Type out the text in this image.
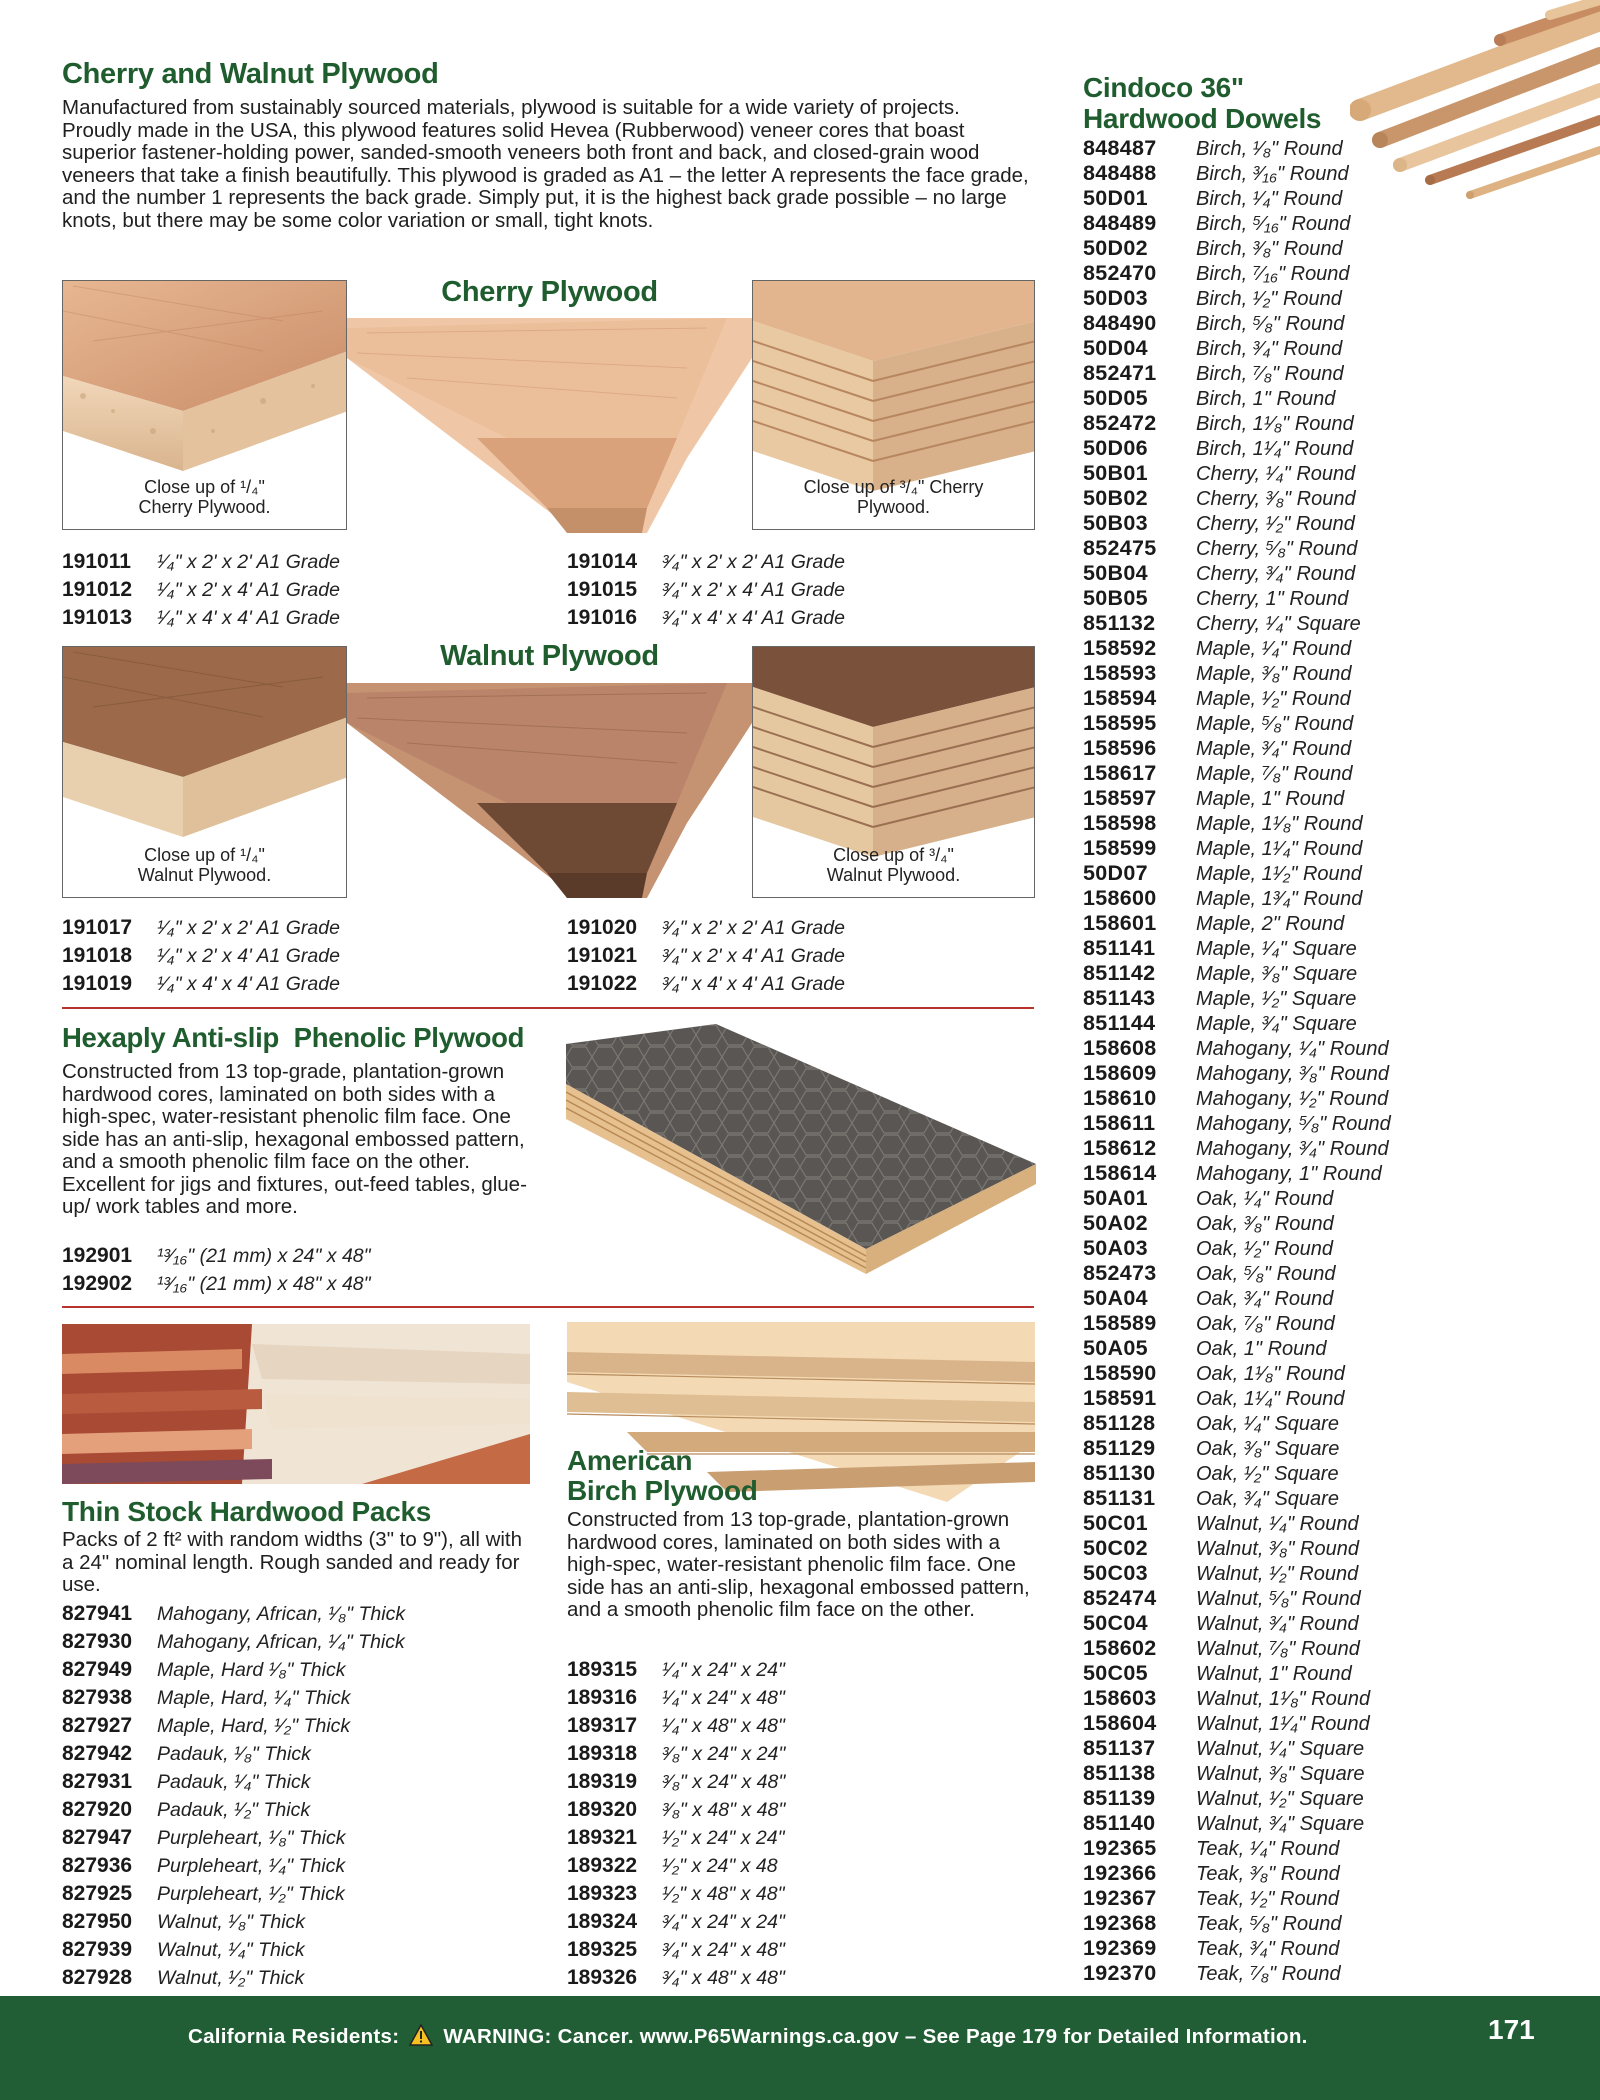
Cherry and Walnut Plywood
Manufactured from sustainably sourced materials, plywood is suitable for a wide variety of projects. Proudly made in the USA, this plywood features solid Hevea (Rubberwood) veneer cores that boast superior fastener-holding power, sanded-smooth veneers both front and back, and closed-grain wood veneers that take a finish beautifully. This plywood is graded as A1 – the letter A represents the face grade, and the number 1 represents the back grade. Simply put, it is the highest back grade possible – no large knots, but there may be some color variation or small, tight knots.
Close up of ¹/₄" Cherry Plywood.
Close up of ³/₄" Cherry Plywood.
Cherry Plywood
191011 ¹⁄₄" x 2' x 2' A1 Grade
191012 ¹⁄₄" x 2' x 4' A1 Grade
191013 ¹⁄₄" x 4' x 4' A1 Grade
191014 ³⁄₄" x 2' x 2' A1 Grade
191015 ³⁄₄" x 2' x 4' A1 Grade
191016 ³⁄₄" x 4' x 4' A1 Grade
Close up of ¹/₄" Walnut Plywood.
Close up of ³/₄" Walnut Plywood.
Walnut Plywood
191017 ¹⁄₄" x 2' x 2' A1 Grade
191018 ¹⁄₄" x 2' x 4' A1 Grade
191019 ¹⁄₄" x 4' x 4' A1 Grade
191020 ³⁄₄" x 2' x 2' A1 Grade
191021 ³⁄₄" x 2' x 4' A1 Grade
191022 ³⁄₄" x 4' x 4' A1 Grade
Hexaply Anti-slip  Phenolic Plywood
Constructed from 13 top-grade, plantation-grown hardwood cores, laminated on both sides with a high-spec, water-resistant phenolic film face. One side has an anti-slip, hexagonal embossed pattern, and a smooth phenolic film face on the other. Excellent for jigs and fixtures, out-feed tables, glue-up/ work tables and more.
192901 ¹³⁄₁₆" (21 mm) x 24" x 48"
192902 ¹³⁄₁₆" (21 mm) x 48" x 48"
Thin Stock Hardwood Packs
Packs of 2 ft² with random widths (3" to 9"), all with a 24" nominal length. Rough sanded and ready for use.
827941 Mahogany, African, ¹⁄₈" Thick
827930 Mahogany, African, ¹⁄₄" Thick
827949 Maple, Hard ¹⁄₈" Thick
827938 Maple, Hard, ¹⁄₄" Thick
827927 Maple, Hard, ¹⁄₂" Thick
827942 Padauk, ¹⁄₈" Thick
827931 Padauk, ¹⁄₄" Thick
827920 Padauk, ¹⁄₂" Thick
827947 Purpleheart, ¹⁄₈" Thick
827936 Purpleheart, ¹⁄₄" Thick
827925 Purpleheart, ¹⁄₂" Thick
827950 Walnut, ¹⁄₈" Thick
827939 Walnut, ¹⁄₄" Thick
827928 Walnut, ¹⁄₂" Thick
American
Birch Plywood
Constructed from 13 top-grade, plantation-grown hardwood cores, laminated on both sides with a high-spec, water-resistant phenolic film face. One side has an anti-slip, hexagonal embossed pattern, and a smooth phenolic film face on the other.
189315 ¹⁄₄" x 24" x 24"
189316 ¹⁄₄" x 24" x 48"
189317 ¹⁄₄" x 48" x 48"
189318 ³⁄₈" x 24" x 24"
189319 ³⁄₈" x 24" x 48"
189320 ³⁄₈" x 48" x 48"
189321 ¹⁄₂" x 24" x 24"
189322 ¹⁄₂" x 24" x 48
189323 ¹⁄₂" x 48" x 48"
189324 ³⁄₄" x 24" x 24"
189325 ³⁄₄" x 24" x 48"
189326 ³⁄₄" x 48" x 48"
Cindoco 36"
Hardwood Dowels
848487 Birch, ¹⁄₈" Round
848488 Birch, ³⁄₁₆" Round
50D01 Birch, ¹⁄₄" Round
848489 Birch, ⁵⁄₁₆" Round
50D02 Birch, ³⁄₈" Round
852470 Birch, ⁷⁄₁₆" Round
50D03 Birch, ¹⁄₂" Round
848490 Birch, ⁵⁄₈" Round
50D04 Birch, ³⁄₄" Round
852471 Birch, ⁷⁄₈" Round
50D05 Birch, 1" Round
852472 Birch, 1¹⁄₈" Round
50D06 Birch, 1¹⁄₄" Round
50B01 Cherry, ¹⁄₄" Round
50B02 Cherry, ³⁄₈" Round
50B03 Cherry, ¹⁄₂" Round
852475 Cherry, ⁵⁄₈" Round
50B04 Cherry, ³⁄₄" Round
50B05 Cherry, 1" Round
851132 Cherry, ¹⁄₄" Square
158592 Maple, ¹⁄₄" Round
158593 Maple, ³⁄₈" Round
158594 Maple, ¹⁄₂" Round
158595 Maple, ⁵⁄₈" Round
158596 Maple, ³⁄₄" Round
158617 Maple, ⁷⁄₈" Round
158597 Maple, 1" Round
158598 Maple, 1¹⁄₈" Round
158599 Maple, 1¹⁄₄" Round
50D07 Maple, 1¹⁄₂" Round
158600 Maple, 1³⁄₄" Round
158601 Maple, 2" Round
851141 Maple, ¹⁄₄" Square
851142 Maple, ³⁄₈" Square
851143 Maple, ¹⁄₂" Square
851144 Maple, ³⁄₄" Square
158608 Mahogany, ¹⁄₄" Round
158609 Mahogany, ³⁄₈" Round
158610 Mahogany, ¹⁄₂" Round
158611 Mahogany, ⁵⁄₈" Round
158612 Mahogany, ³⁄₄" Round
158614 Mahogany, 1" Round
50A01 Oak, ¹⁄₄" Round
50A02 Oak, ³⁄₈" Round
50A03 Oak, ¹⁄₂" Round
852473 Oak, ⁵⁄₈" Round
50A04 Oak, ³⁄₄" Round
158589 Oak, ⁷⁄₈" Round
50A05 Oak, 1" Round
158590 Oak, 1¹⁄₈" Round
158591 Oak, 1¹⁄₄" Round
851128 Oak, ¹⁄₄" Square
851129 Oak, ³⁄₈" Square
851130 Oak, ¹⁄₂" Square
851131 Oak, ³⁄₄" Square
50C01 Walnut, ¹⁄₄" Round
50C02 Walnut, ³⁄₈" Round
50C03 Walnut, ¹⁄₂" Round
852474 Walnut, ⁵⁄₈" Round
50C04 Walnut, ³⁄₄" Round
158602 Walnut, ⁷⁄₈" Round
50C05 Walnut, 1" Round
158603 Walnut, 1¹⁄₈" Round
158604 Walnut, 1¹⁄₄" Round
851137 Walnut, ¹⁄₄" Square
851138 Walnut, ³⁄₈" Square
851139 Walnut, ¹⁄₂" Square
851140 Walnut, ³⁄₄" Square
192365 Teak, ¹⁄₄" Round
192366 Teak, ³⁄₈" Round
192367 Teak, ¹⁄₂" Round
192368 Teak, ⁵⁄₈" Round
192369 Teak, ³⁄₄" Round
192370 Teak, ⁷⁄₈" Round
California Residents: WARNING: Cancer. www.P65Warnings.ca.gov – See Page 179 for Detailed Information.	171
